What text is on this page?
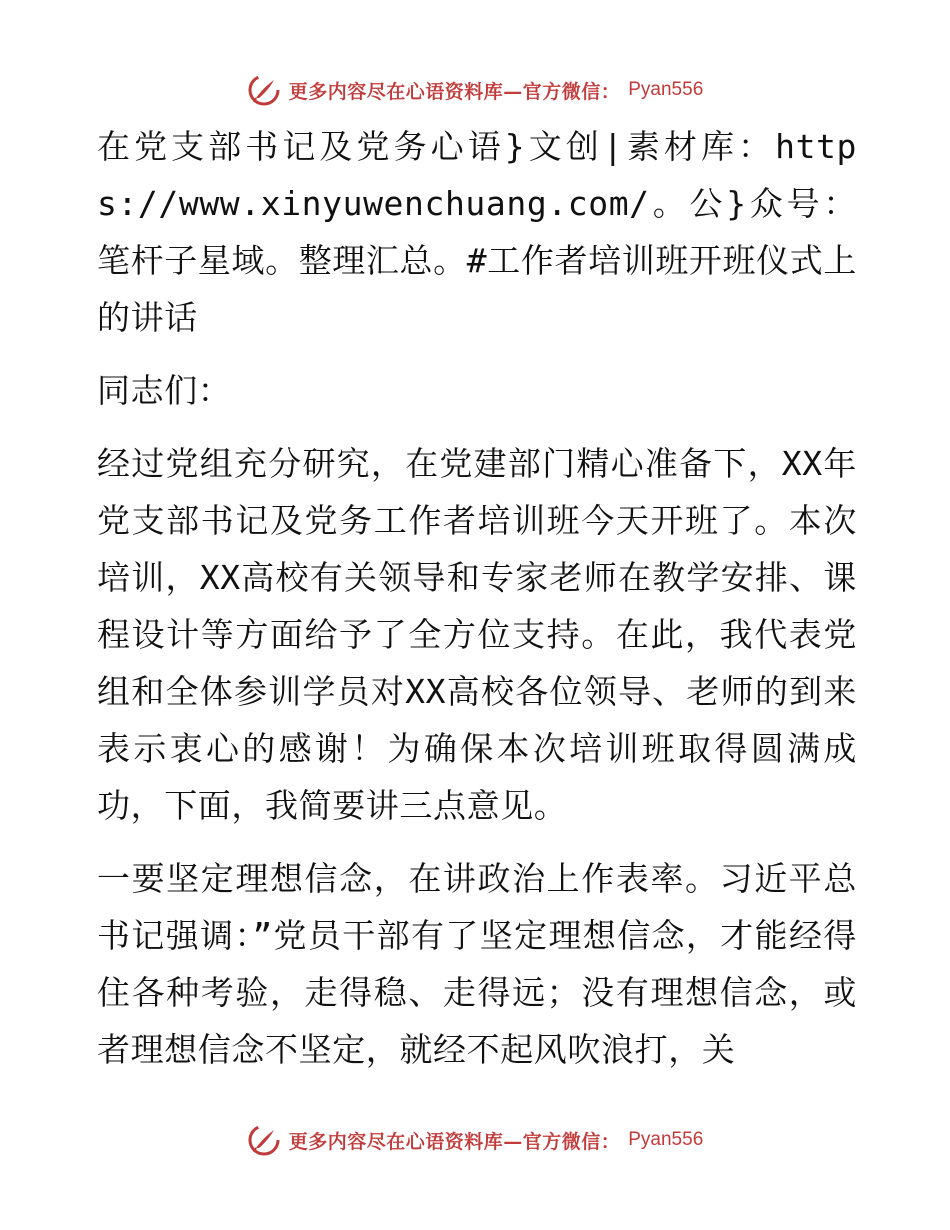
更多内容尽在心语资料库—官方微信： Pyan556

在党支部书记及党务心语}文创|素材库：https://www.xinyuwenchuang.com/。公}众号：笔杆子星域。整理汇总。#工作者培训班开班仪式上的讲话

同志们：

经过党组充分研究，在党建部门精心准备下，XX年党支部书记及党务工作者培训班今天开班了。本次培训，XX高校有关领导和专家老师在教学安排、课程设计等方面给予了全方位支持。在此，我代表党组和全体参训学员对XX高校各位领导、老师的到来表示衷心的感谢！为确保本次培训班取得圆满成功，下面，我简要讲三点意见。

一要坚定理想信念，在讲政治上作表率。习近平总书记强调：”党员干部有了坚定理想信念，才能经得住各种考验，走得稳、走得远；没有理想信念，或者理想信念不坚定，就经不起风吹浪打，关

更多内容尽在心语资料库—官方微信： Pyan556
